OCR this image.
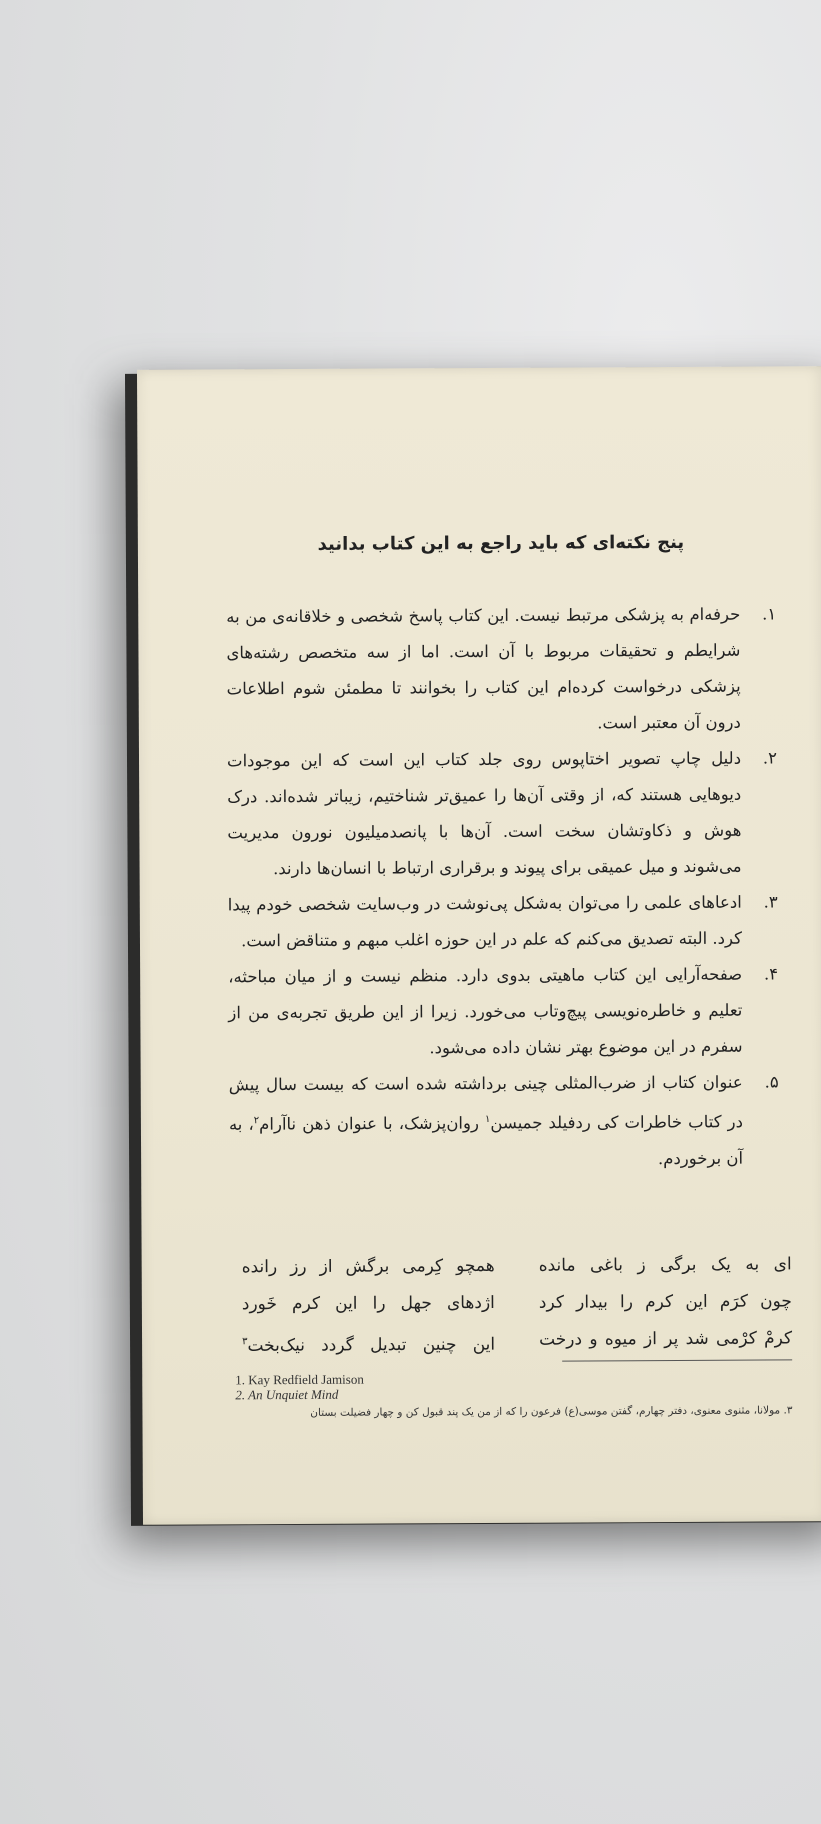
پنج نکته‌ای که باید راجع به این کتاب بدانید
۱.
حرفه‌ام به پزشکی مرتبط نیست. این کتاب پاسخ شخصی و خلاقانه‌ی من به شرایطم و تحقیقات مربوط با آن است. اما از سه متخصص رشته‌های پزشکی درخواست کرده‌ام این کتاب را بخوانند تا مطمئن شوم اطلاعات درون آن معتبر است.
۲.
دلیل چاپ تصویر اختاپوس روی جلد کتاب این است که این موجودات دیوهایی هستند که، از وقتی آن‌ها را عمیق‌تر شناختیم، زیباتر شده‌اند. درک هوش و ذکاوتشان سخت است. آن‌ها با پانصدمیلیون نورون مدیریت می‌شوند و میل عمیقی برای پیوند و برقراری ارتباط با انسان‌ها دارند.
۳.
ادعاهای علمی را می‌توان به‌شکل پی‌نوشت در وب‌سایت شخصی خودم پیدا کرد. البته تصدیق می‌کنم که علم در این حوزه اغلب مبهم و متناقض است.
۴.
صفحه‌آرایی این کتاب ماهیتی بدوی دارد. منظم نیست و از میان مباحثه، تعلیم و خاطره‌نویسی پیچ‌وتاب می‌خورد. زیرا از این طریق تجربه‌ی من از سفرم در این موضوع بهتر نشان داده می‌شود.
۵.
عنوان کتاب از ضرب‌المثلی چینی برداشته شده است که بیست سال پیش در کتاب خاطرات کی ردفیلد جمیسن$^۱$ روان‌پزشک، با عنوان ذهن ناآرام$^۲$، به آن برخوردم.
ای به یک برگی ز باغی مانده
چون کرَم این کرم را بیدار کرد
کرمْ کرْمی شد پر از میوه و درخت
همچو کِرمی برگش از رز رانده
اژدهای جهل را این کرم خَورد
این چنین تبدیل گردد نیک‌بخت$^۳$
1. Kay Redfield Jamison
2. An Unquiet Mind
۳. مولانا، مثنوی معنوی، دفتر چهارم، گفتن موسی(ع) فرعون را که از من یک پند قبول کن و چهار فضیلت بستان
